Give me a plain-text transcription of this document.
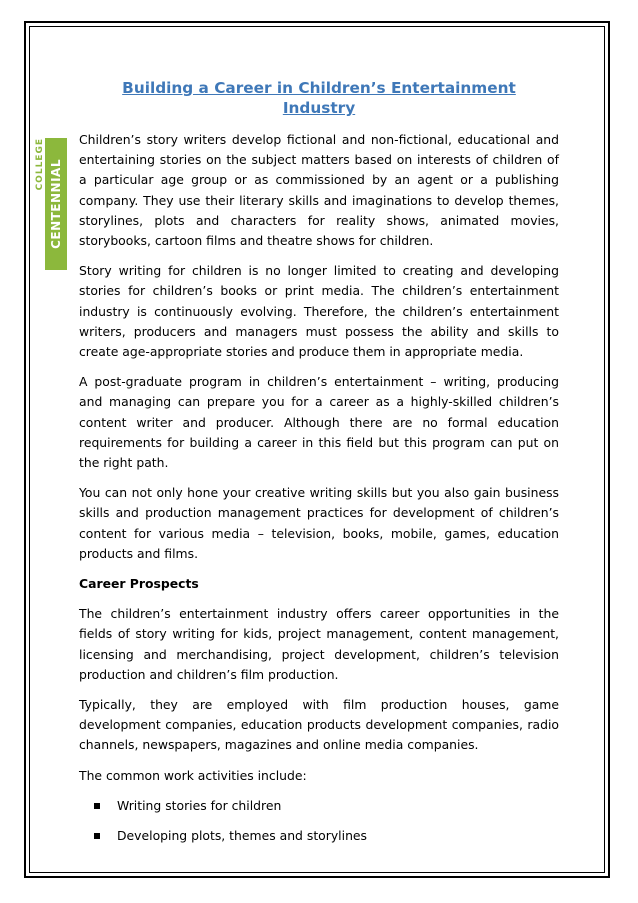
COLLEGE CENTENNIAL
Building a Career in Children’s Entertainment Industry

Children’s story writers develop fictional and non-fictional, educational and entertaining stories on the subject matters based on interests of children of a particular age group or as commissioned by an agent or a publishing company. They use their literary skills and imaginations to develop themes, storylines, plots and characters for reality shows, animated movies, storybooks, cartoon films and theatre shows for children.

Story writing for children is no longer limited to creating and developing stories for children’s books or print media. The children’s entertainment industry is continuously evolving. Therefore, the children’s entertainment writers, producers and managers must possess the ability and skills to create age-appropriate stories and produce them in appropriate media.

A post-graduate program in children’s entertainment – writing, producing and managing can prepare you for a career as a highly-skilled children’s content writer and producer. Although there are no formal education requirements for building a career in this field but this program can put on the right path.

You can not only hone your creative writing skills but you also gain business skills and production management practices for development of children’s content for various media – television, books, mobile, games, education products and films.

Career Prospects

The children’s entertainment industry offers career opportunities in the fields of story writing for kids, project management, content management, licensing and merchandising, project development, children’s television production and children’s film production.

Typically, they are employed with film production houses, game development companies, education products development companies, radio channels, newspapers, magazines and online media companies.

The common work activities include:

Writing stories for children
Developing plots, themes and storylines
